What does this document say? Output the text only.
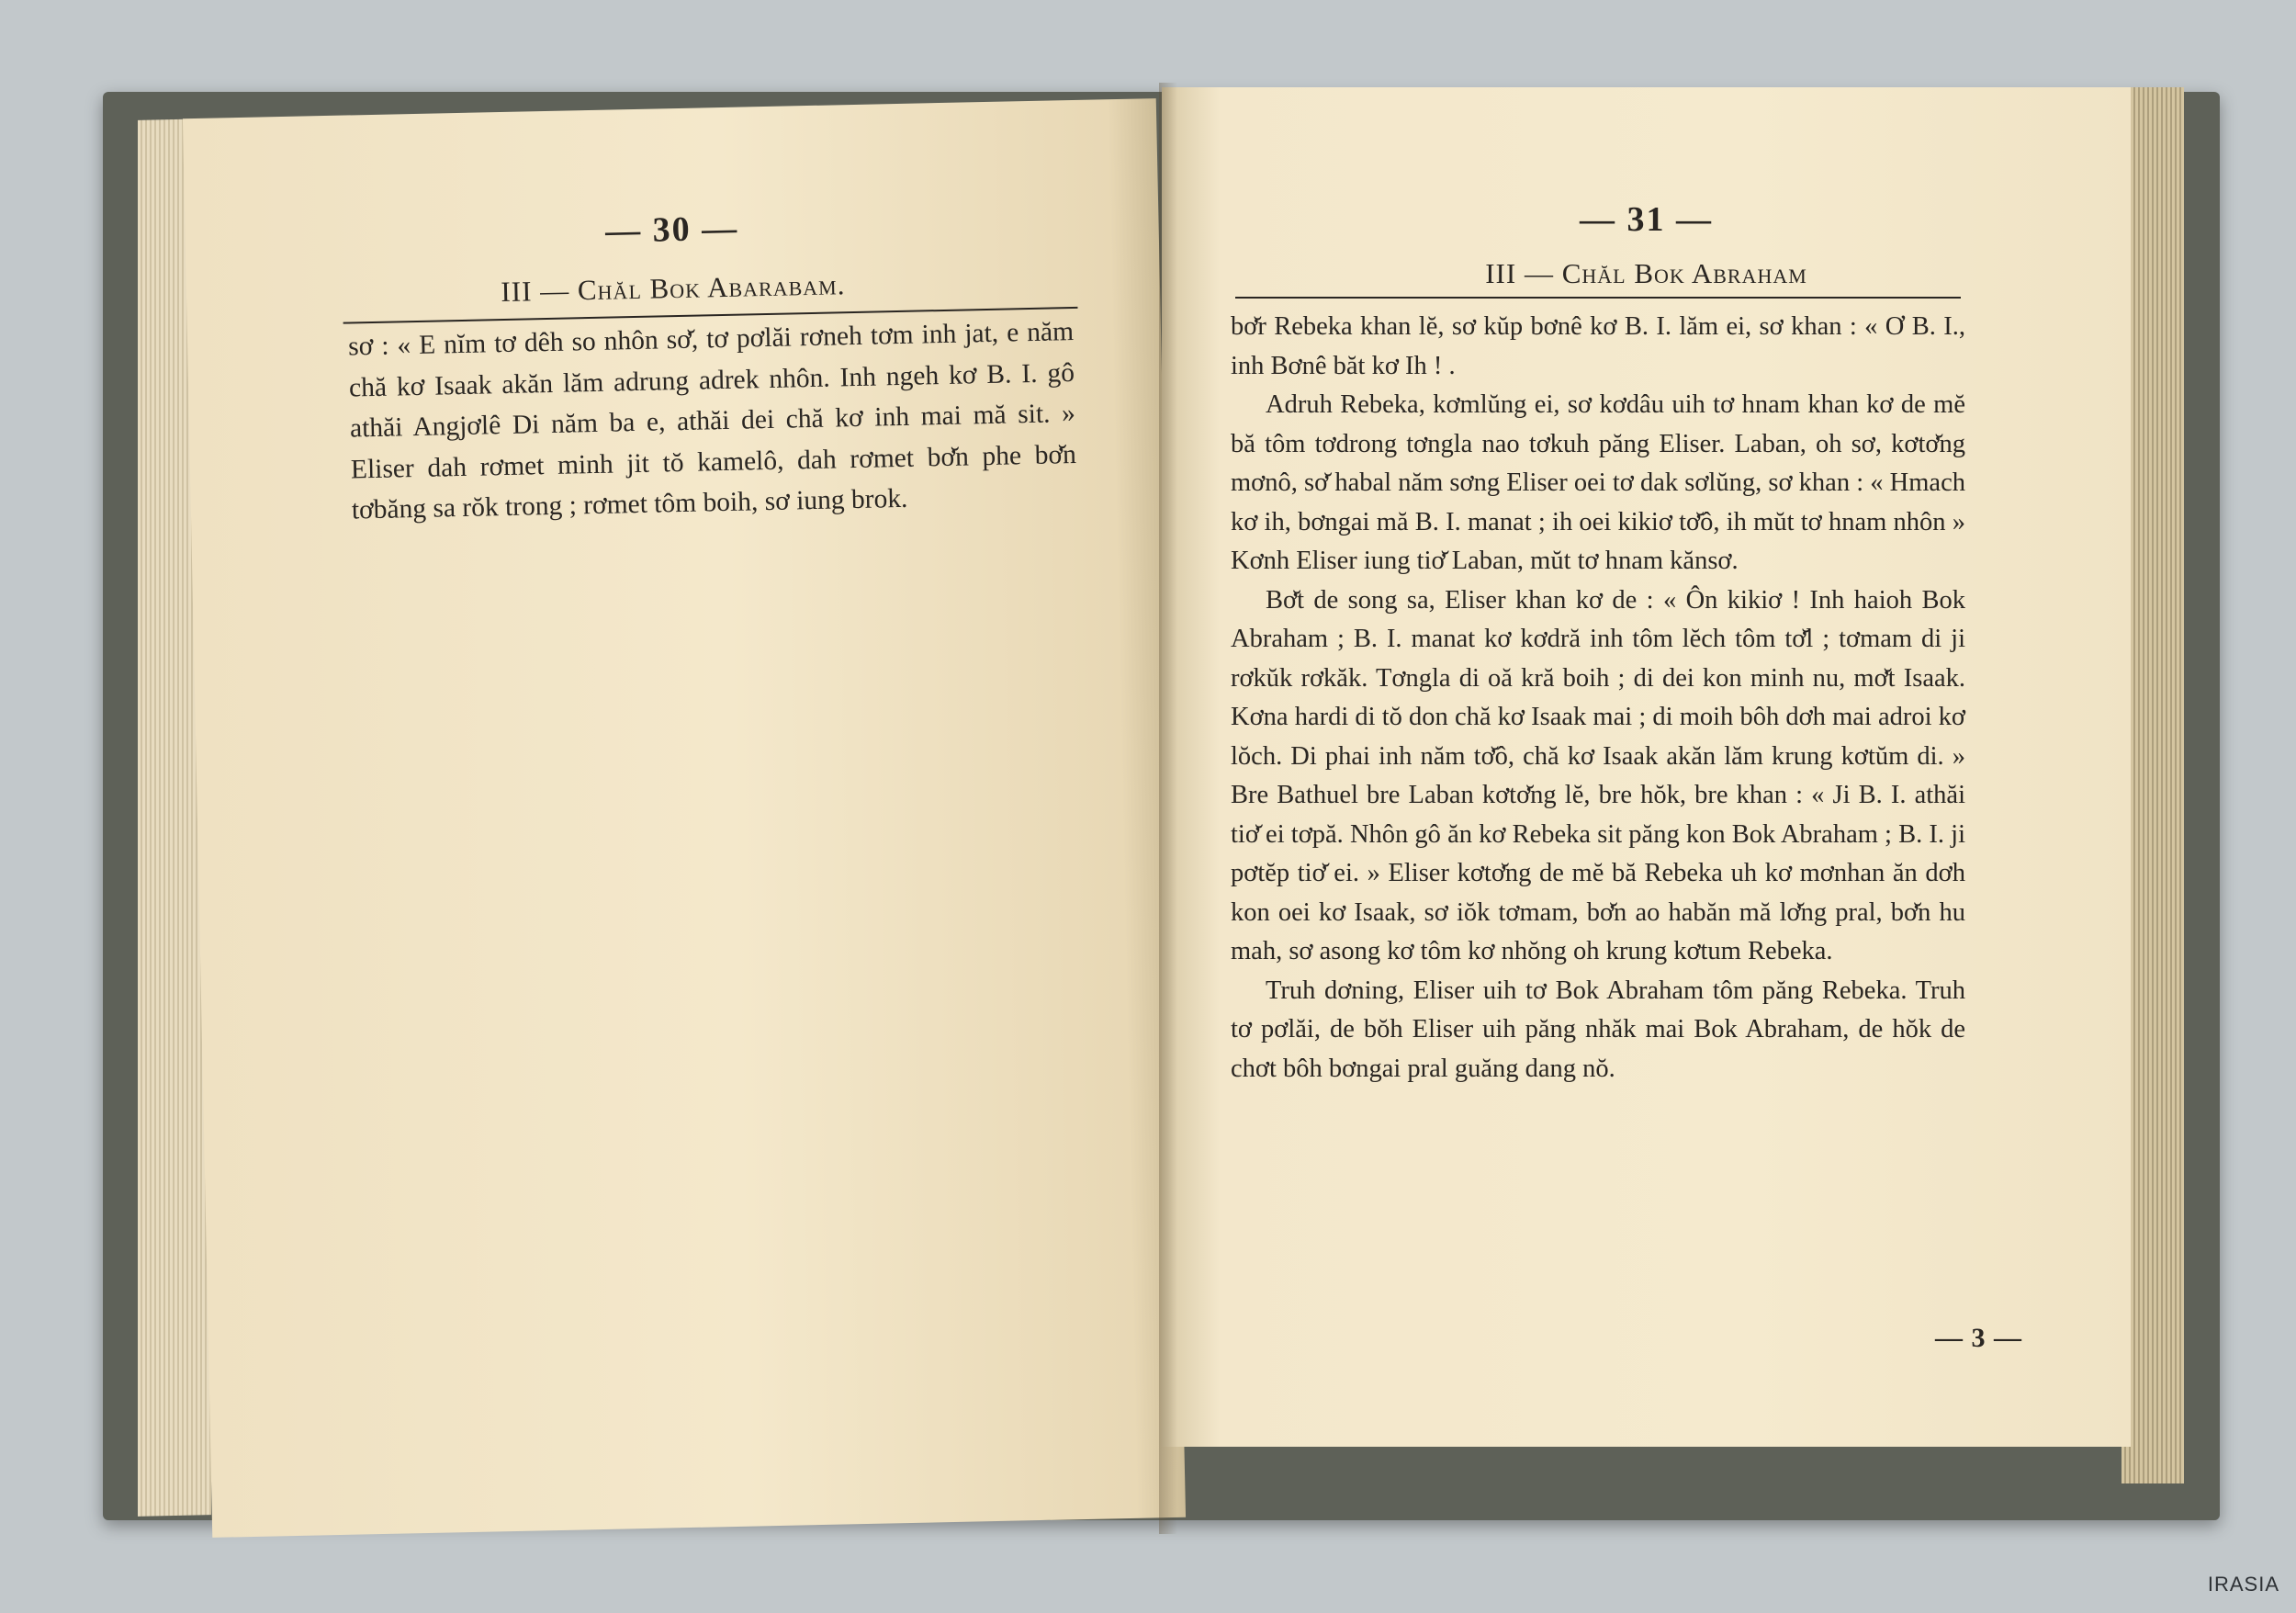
— 30 —
III — Chăl Bok Abarabam.

sơ : « E nĭm tơ dêh so nhôn sơ̆, tơ pơlăi rơneh tơm inh jat, e năm chă kơ Isaak akăn lăm adrung adrek nhôn. Inh ngeh kơ B. I. gô athăi Angjơlê Di năm ba e, athăi dei chă kơ inh mai mă sit. » Eliser dah rơmet minh jit tŏ kamelô, dah rơmet bơ̆n phe bơ̆n tơbăng sa rŏk trong ; rơmet tôm boih, sơ iung brok.

— 31 —
III — Chăl Bok Abraham

bơ̆r Rebeka khan lĕ, sơ kŭp bơnê kơ B. I. lăm ei, sơ khan : « Ơ B. I., inh Bơnê băt kơ Ih ! .

Adruh Rebeka, kơmlŭng ei, sơ kơdâu uih tơ hnam khan kơ de mĕ bă tôm tơdrong tơngla nao tơkuh păng Eliser. Laban, oh sơ, kơtơ̆ng mơnô, sơ̆ habal năm sơng Eliser oei tơ dak sơlŭng, sơ khan : « Hmach kơ ih, bơngai mă B. I. manat ; ih oei kikiơ tơ̆ô, ih mŭt tơ hnam nhôn » Kơnh Eliser iung tiơ̆ Laban, mŭt tơ hnam kănsơ.

Bơ̆t de song sa, Eliser khan kơ de : « Ôn kikiơ ! Inh haioh Bok Abraham ; B. I. manat kơ kơdră inh tôm lĕch tôm tơ̆l ; tơmam di ji rơkŭk rơkăk. Tơngla di oă kră boih ; di dei kon minh nu, mơ̆t Isaak. Kơna hardi di tŏ don chă kơ Isaak mai ; di moih bôh dơh mai adroi kơ lŏch. Di phai inh năm tơ̆ô, chă kơ Isaak akăn lăm krung kơtŭm di. » Bre Bathuel bre Laban kơtơ̆ng lĕ, bre hŏk, bre khan : « Ji B. I. athăi tiơ̆ ei tơpă. Nhôn gô ăn kơ Rebeka sit păng kon Bok Abraham ; B. I. ji pơtĕp tiơ̆ ei. » Eliser kơtơ̆ng de mĕ bă Rebeka uh kơ mơnhan ăn dơh kon oei kơ Isaak, sơ iŏk tơmam, bơ̆n ao habăn mă lơ̆ng pral, bơ̆n hu mah, sơ asong kơ tôm kơ nhŏng oh krung kơtum Rebeka.

Truh dơning, Eliser uih tơ Bok Abraham tôm păng Rebeka. Truh tơ pơlăi, de bŏh Eliser uih păng nhăk mai Bok Abraham, de hŏk de chơt bôh bơngai pral guăng dang nŏ.

— 3 —
IRASIA
